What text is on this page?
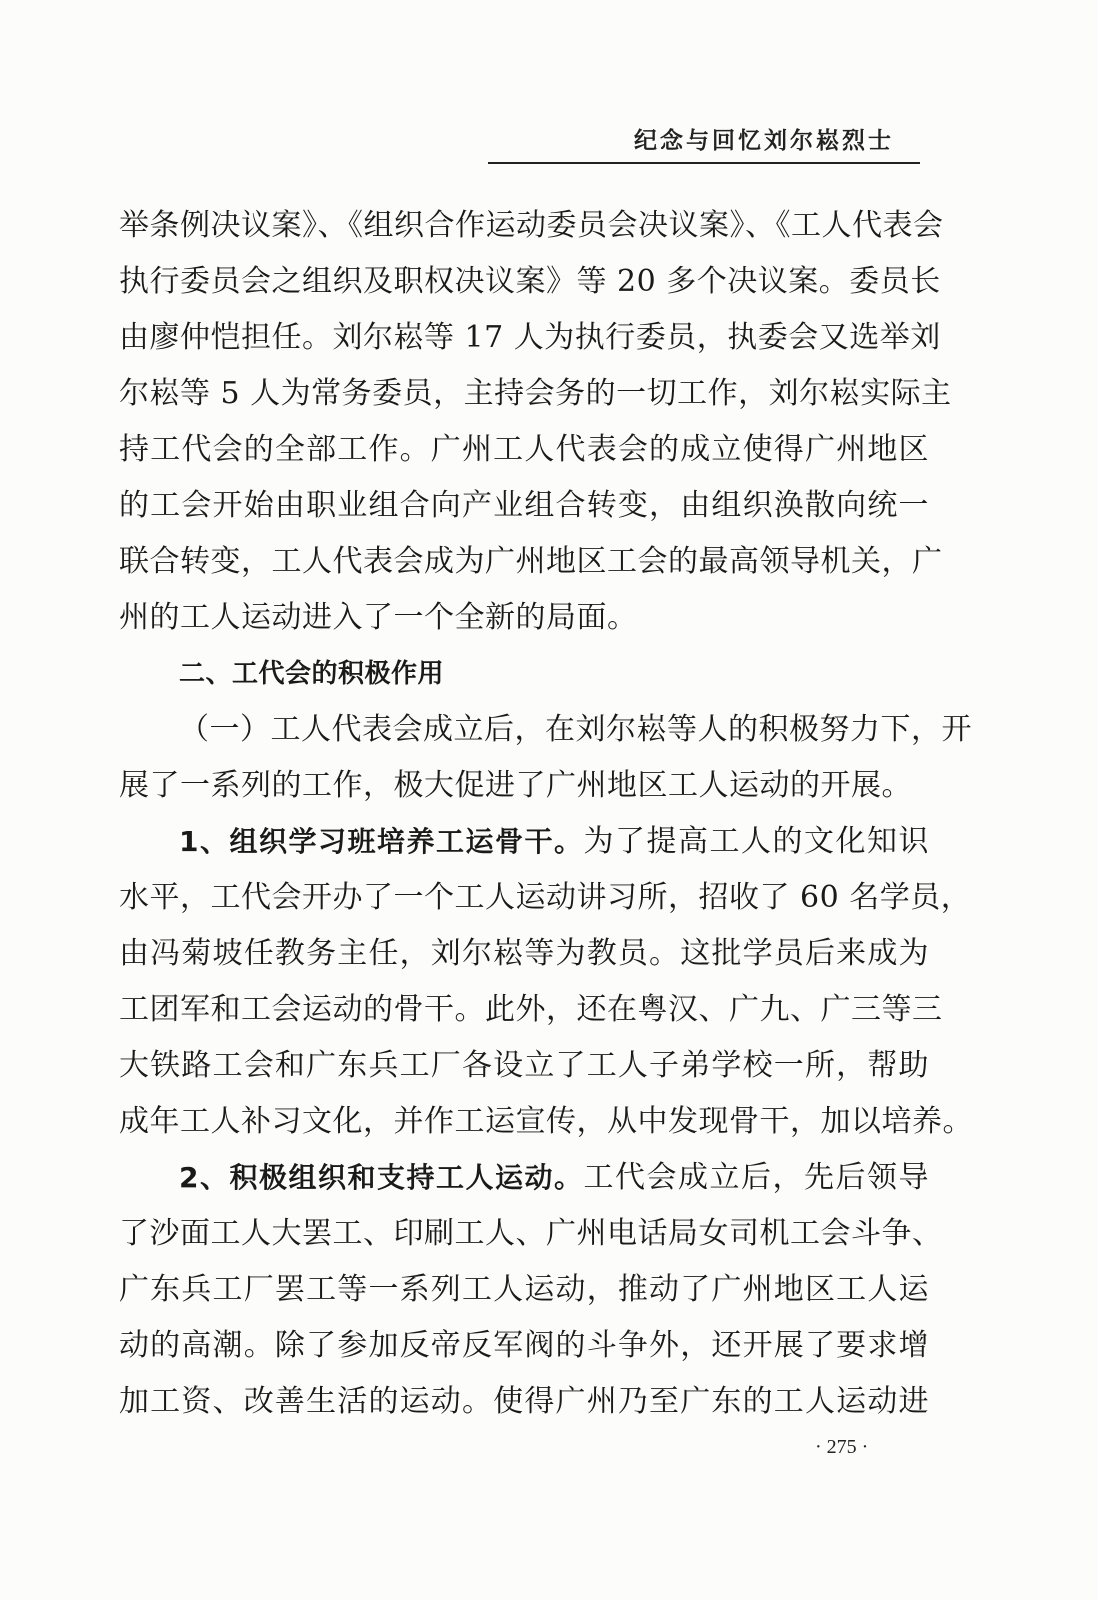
纪念与回忆刘尔崧烈士
举条例决议案》、《组织合作运动委员会决议案》、《工人代表会
执行委员会之组织及职权决议案》等 20 多个决议案。委员长
由廖仲恺担任。刘尔崧等 17 人为执行委员，执委会又选举刘
尔崧等 5 人为常务委员，主持会务的一切工作，刘尔崧实际主
持工代会的全部工作。广州工人代表会的成立使得广州地区
的工会开始由职业组合向产业组合转变，由组织涣散向统一
联合转变，工人代表会成为广州地区工会的最高领导机关，广
州的工人运动进入了一个全新的局面。
二、工代会的积极作用
（一）工人代表会成立后，在刘尔崧等人的积极努力下，开
展了一系列的工作，极大促进了广州地区工人运动的开展。
1、组织学习班培养工运骨干。为了提高工人的文化知识
水平，工代会开办了一个工人运动讲习所，招收了 60 名学员，
由冯菊坡任教务主任，刘尔崧等为教员。这批学员后来成为
工团军和工会运动的骨干。此外，还在粤汉、广九、广三等三
大铁路工会和广东兵工厂各设立了工人子弟学校一所，帮助
成年工人补习文化，并作工运宣传，从中发现骨干，加以培养。
2、积极组织和支持工人运动。工代会成立后，先后领导
了沙面工人大罢工、印刷工人、广州电话局女司机工会斗争、
广东兵工厂罢工等一系列工人运动，推动了广州地区工人运
动的高潮。除了参加反帝反军阀的斗争外，还开展了要求增
加工资、改善生活的运动。使得广州乃至广东的工人运动进
· 275 ·
